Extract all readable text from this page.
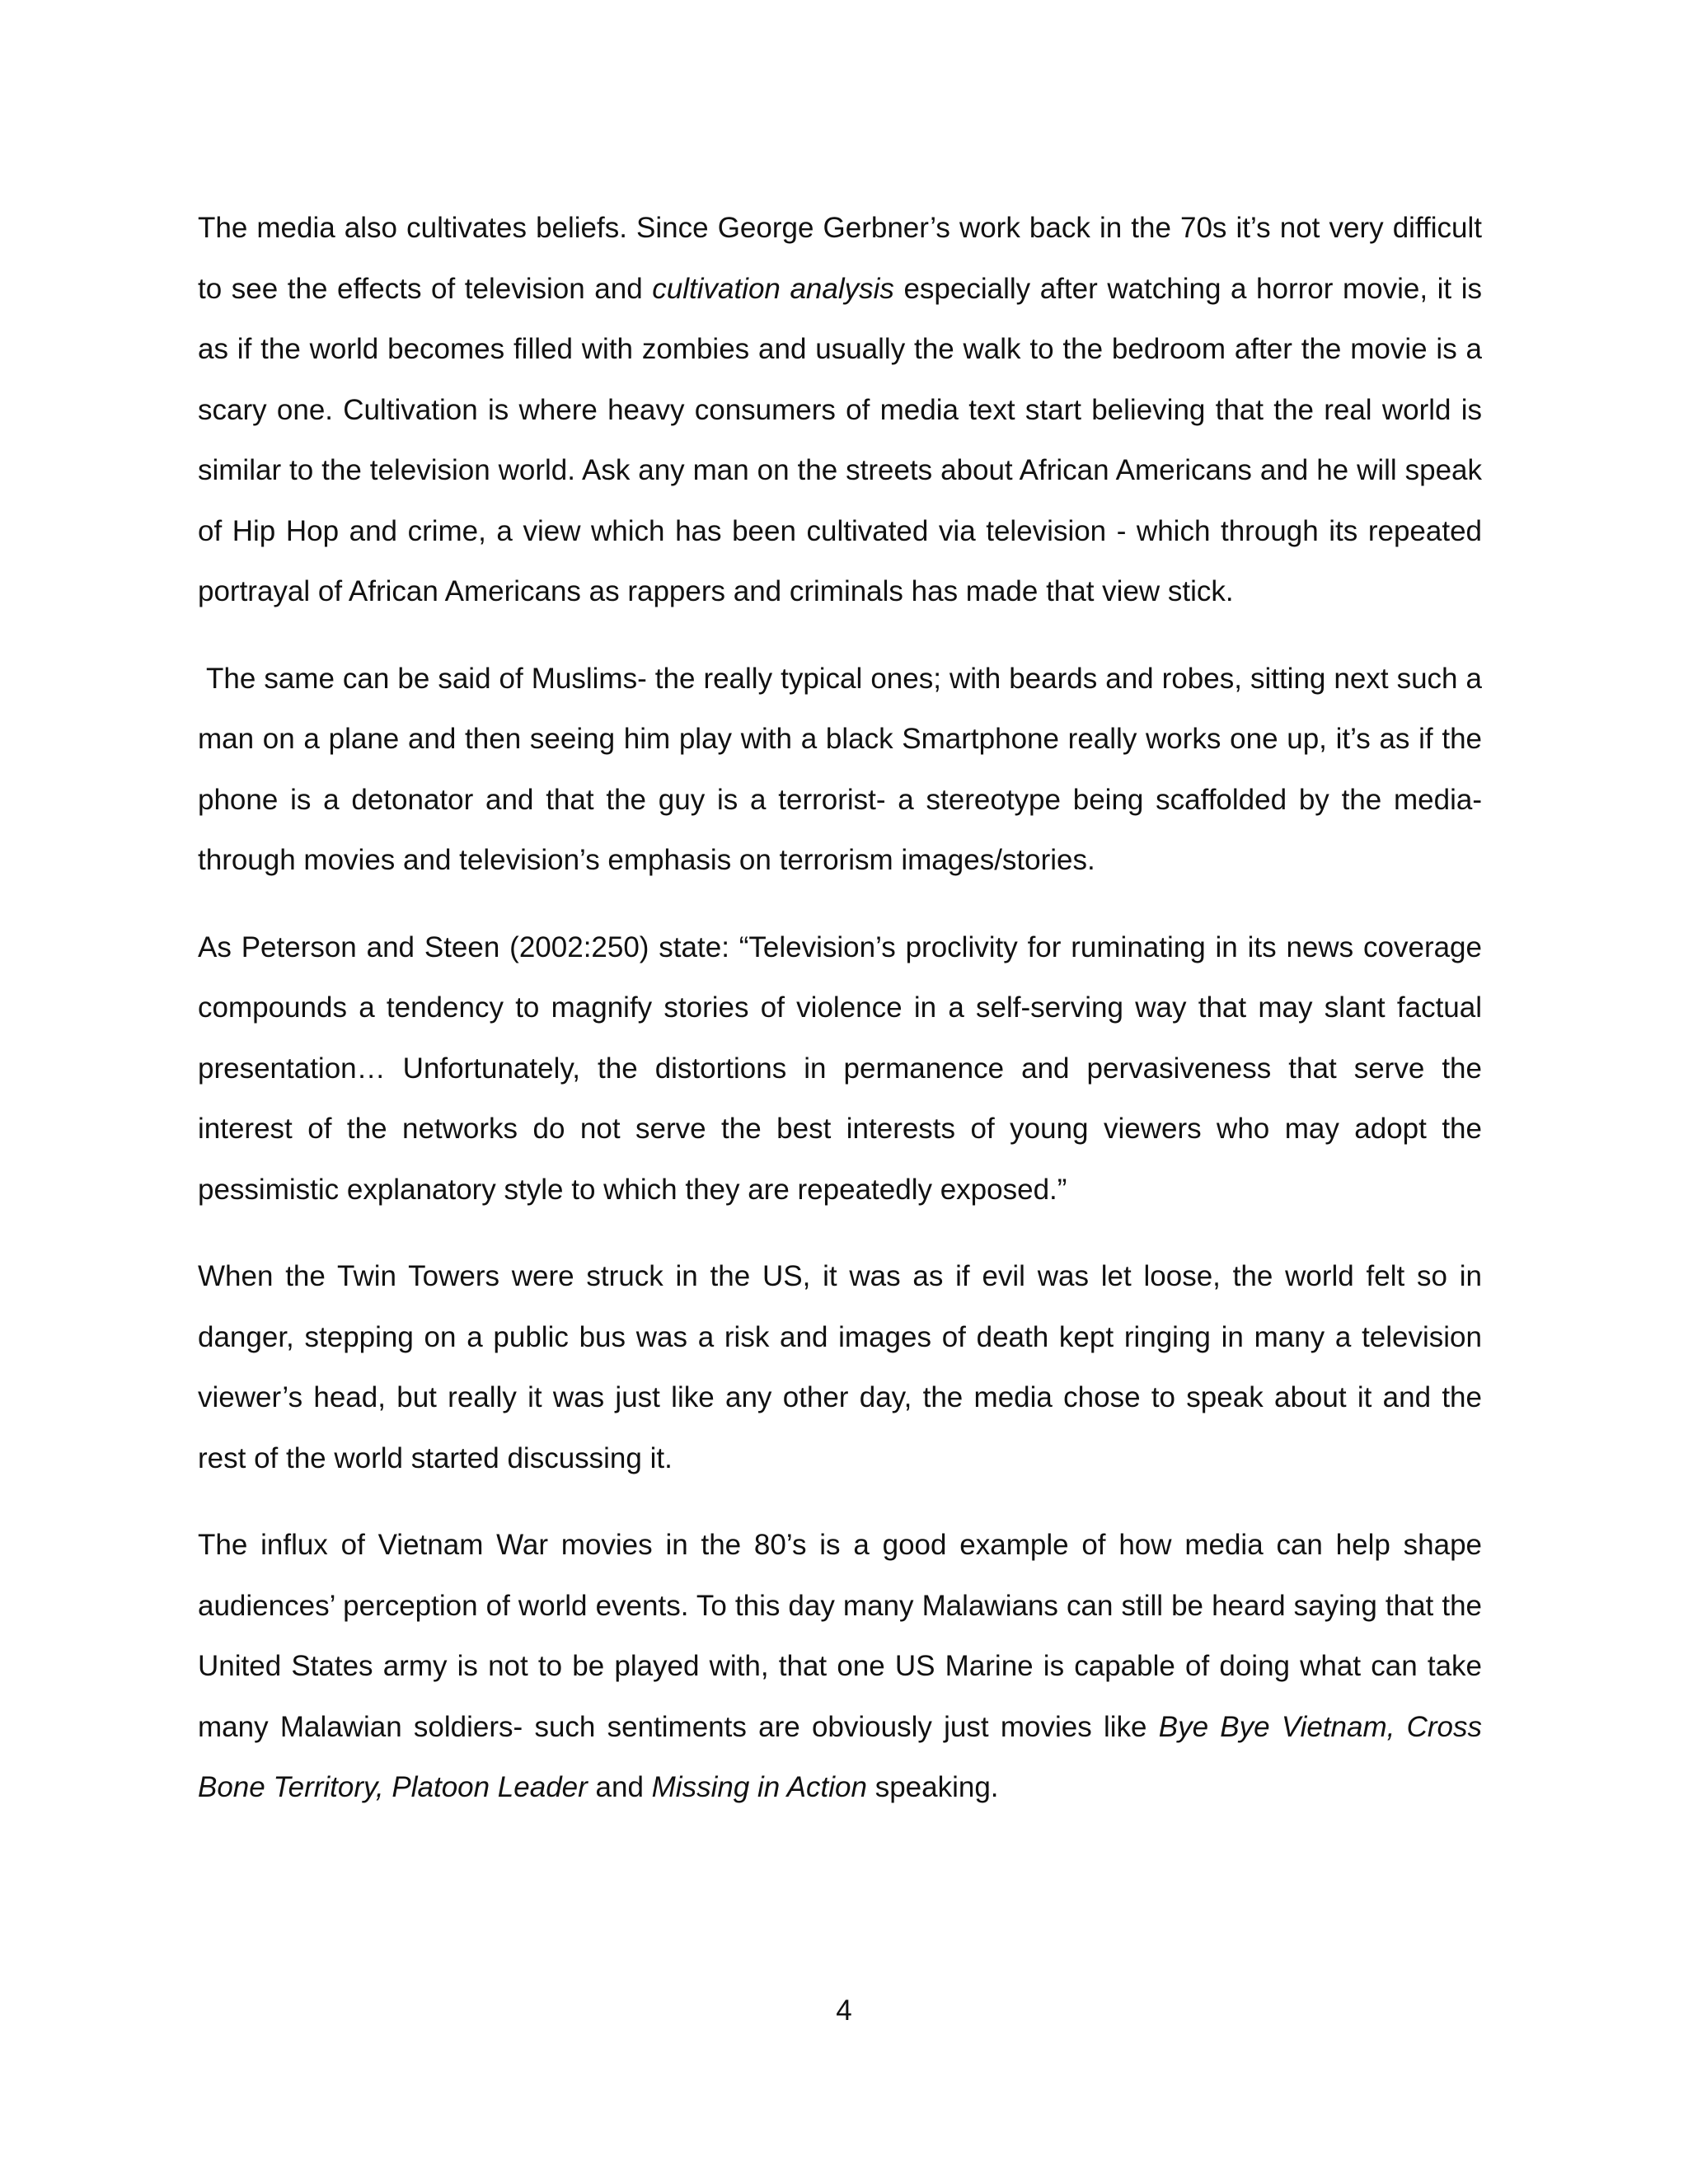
The media also cultivates beliefs. Since George Gerbner’s work back in the 70s it’s not very difficult to see the effects of television and cultivation analysis especially after watching a horror movie, it is as if the world becomes filled with zombies and usually the walk to the bedroom after the movie is a scary one. Cultivation is where heavy consumers of media text start believing that the real world is similar to the television world. Ask any man on the streets about African Americans and he will speak of Hip Hop and crime, a view which has been cultivated via television - which through its repeated portrayal of African Americans as rappers and criminals has made that view stick.

The same can be said of Muslims- the really typical ones; with beards and robes, sitting next such a man on a plane and then seeing him play with a black Smartphone really works one up, it’s as if the phone is a detonator and that the guy is a terrorist- a stereotype being scaffolded by the media- through movies and television’s emphasis on terrorism images/stories.

As Peterson and Steen (2002:250) state: “Television’s proclivity for ruminating in its news coverage compounds a tendency to magnify stories of violence in a self-serving way that may slant factual presentation… Unfortunately, the distortions in permanence and pervasiveness that serve the interest of the networks do not serve the best interests of young viewers who may adopt the pessimistic explanatory style to which they are repeatedly exposed.”

When the Twin Towers were struck in the US, it was as if evil was let loose, the world felt so in danger, stepping on a public bus was a risk and images of death kept ringing in many a television viewer’s head, but really it was just like any other day, the media chose to speak about it and the rest of the world started discussing it.

The influx of Vietnam War movies in the 80’s is a good example of how media can help shape audiences’ perception of world events. To this day many Malawians can still be heard saying that the United States army is not to be played with, that one US Marine is capable of doing what can take many Malawian soldiers- such sentiments are obviously just movies like Bye Bye Vietnam, Cross Bone Territory, Platoon Leader and Missing in Action speaking.

4
